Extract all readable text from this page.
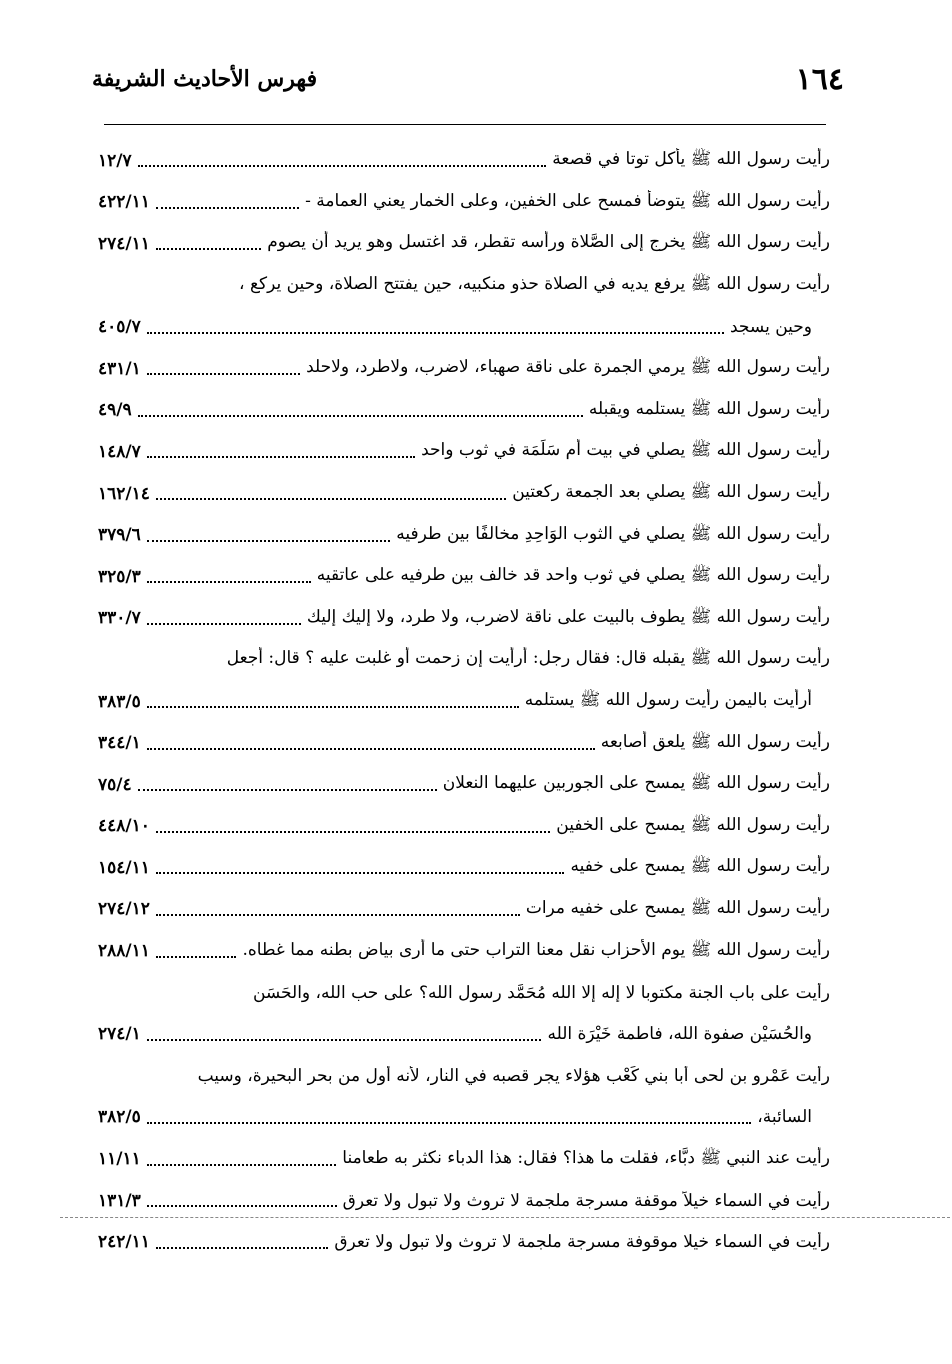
١٦٤
فهرس الأحاديث الشريفة
رأيت رسول الله ﷺ يأكل توتا في قصعة
١٢/٧
رأيت رسول الله ﷺ يتوضأ فمسح على الخفين، وعلى الخمار يعني العمامة -
٤٢٢/١١
رأيت رسول الله ﷺ يخرج إلى الصَّلاة ورأسه تقطر، قد اغتسل وهو يريد أن يصوم
٢٧٤/١١
رأيت رسول الله ﷺ يرفع يديه في الصلاة حذو منكبيه، حين يفتتح الصلاة، وحين يركع ،
وحين يسجد
٤٠٥/٧
رأيت رسول الله ﷺ يرمي الجمرة على ناقة صهباء، لاضرب، ولاطرد، ولاحلد
٤٣١/١
رأيت رسول الله ﷺ يستلمه ويقبله
٤٩/٩
رأيت رسول الله ﷺ يصلي في بيت أم سَلَمَة في ثوب واحد
١٤٨/٧
رأيت رسول الله ﷺ يصلي بعد الجمعة ركعتين
١٦٢/١٤
رأيت رسول الله ﷺ يصلي في الثوب الوَاحِدِ مخالفًا بين طرفيه
٣٧٩/٦
رأيت رسول الله ﷺ يصلي في ثوب واحد قد خالف بين طرفيه على عاتقيه
٣٢٥/٣
رأيت رسول الله ﷺ يطوف بالبيت على ناقة لاضرب، ولا طرد، ولا إليك إليك
٣٣٠/٧
رأيت رسول الله ﷺ يقبله قال: فقال رجل: أرأيت إن زحمت أو غلبت عليه ؟ قال: أجعل
أرأيت باليمن رأيت رسول الله ﷺ يستلمه
٣٨٣/٥
رأيت رسول الله ﷺ يلعق أصابعه
٣٤٤/١
رأيت رسول الله ﷺ يمسح على الجوربين عليهما النعلان
٧٥/٤
رأيت رسول الله ﷺ يمسح على الخفين
٤٤٨/١٠
رأيت رسول الله ﷺ يمسح على خفيه
١٥٤/١١
رأيت رسول الله ﷺ يمسح على خفيه مرات
٢٧٤/١٢
رأيت رسول الله ﷺ يوم الأحزاب نقل معنا التراب حتى ما أرى بياض بطنه مما غطاه.
٢٨٨/١١
رأيت على باب الجنة مكتوبا لا إله إلا الله مُحَمَّد رسول الله؟ على حب الله، والحَسَن
والحُسَيْن صفوة الله، فاطمة خَيْرَة الله
٢٧٤/١
رأيت عَمْرو بن لحى أبا بني كَعْب هؤلاء يجر قصبه في النار، لأنه أول من بحر البحيرة، وسيب
السائبة،
٣٨٢/٥
رأيت عند النبي ﷺ دبَّاء، فقلت ما هذا؟ فقال: هذا الدباء نكثر به طعامنا
١١/١١
رأيت في السماء خيلاً موقفة مسرجة ملجمة لا تروث ولا تبول ولا تعرق
١٣١/٣
رأيت في السماء خيلا موقوفة مسرجة ملجمة لا تروث ولا تبول ولا تعرق
٢٤٢/١١
